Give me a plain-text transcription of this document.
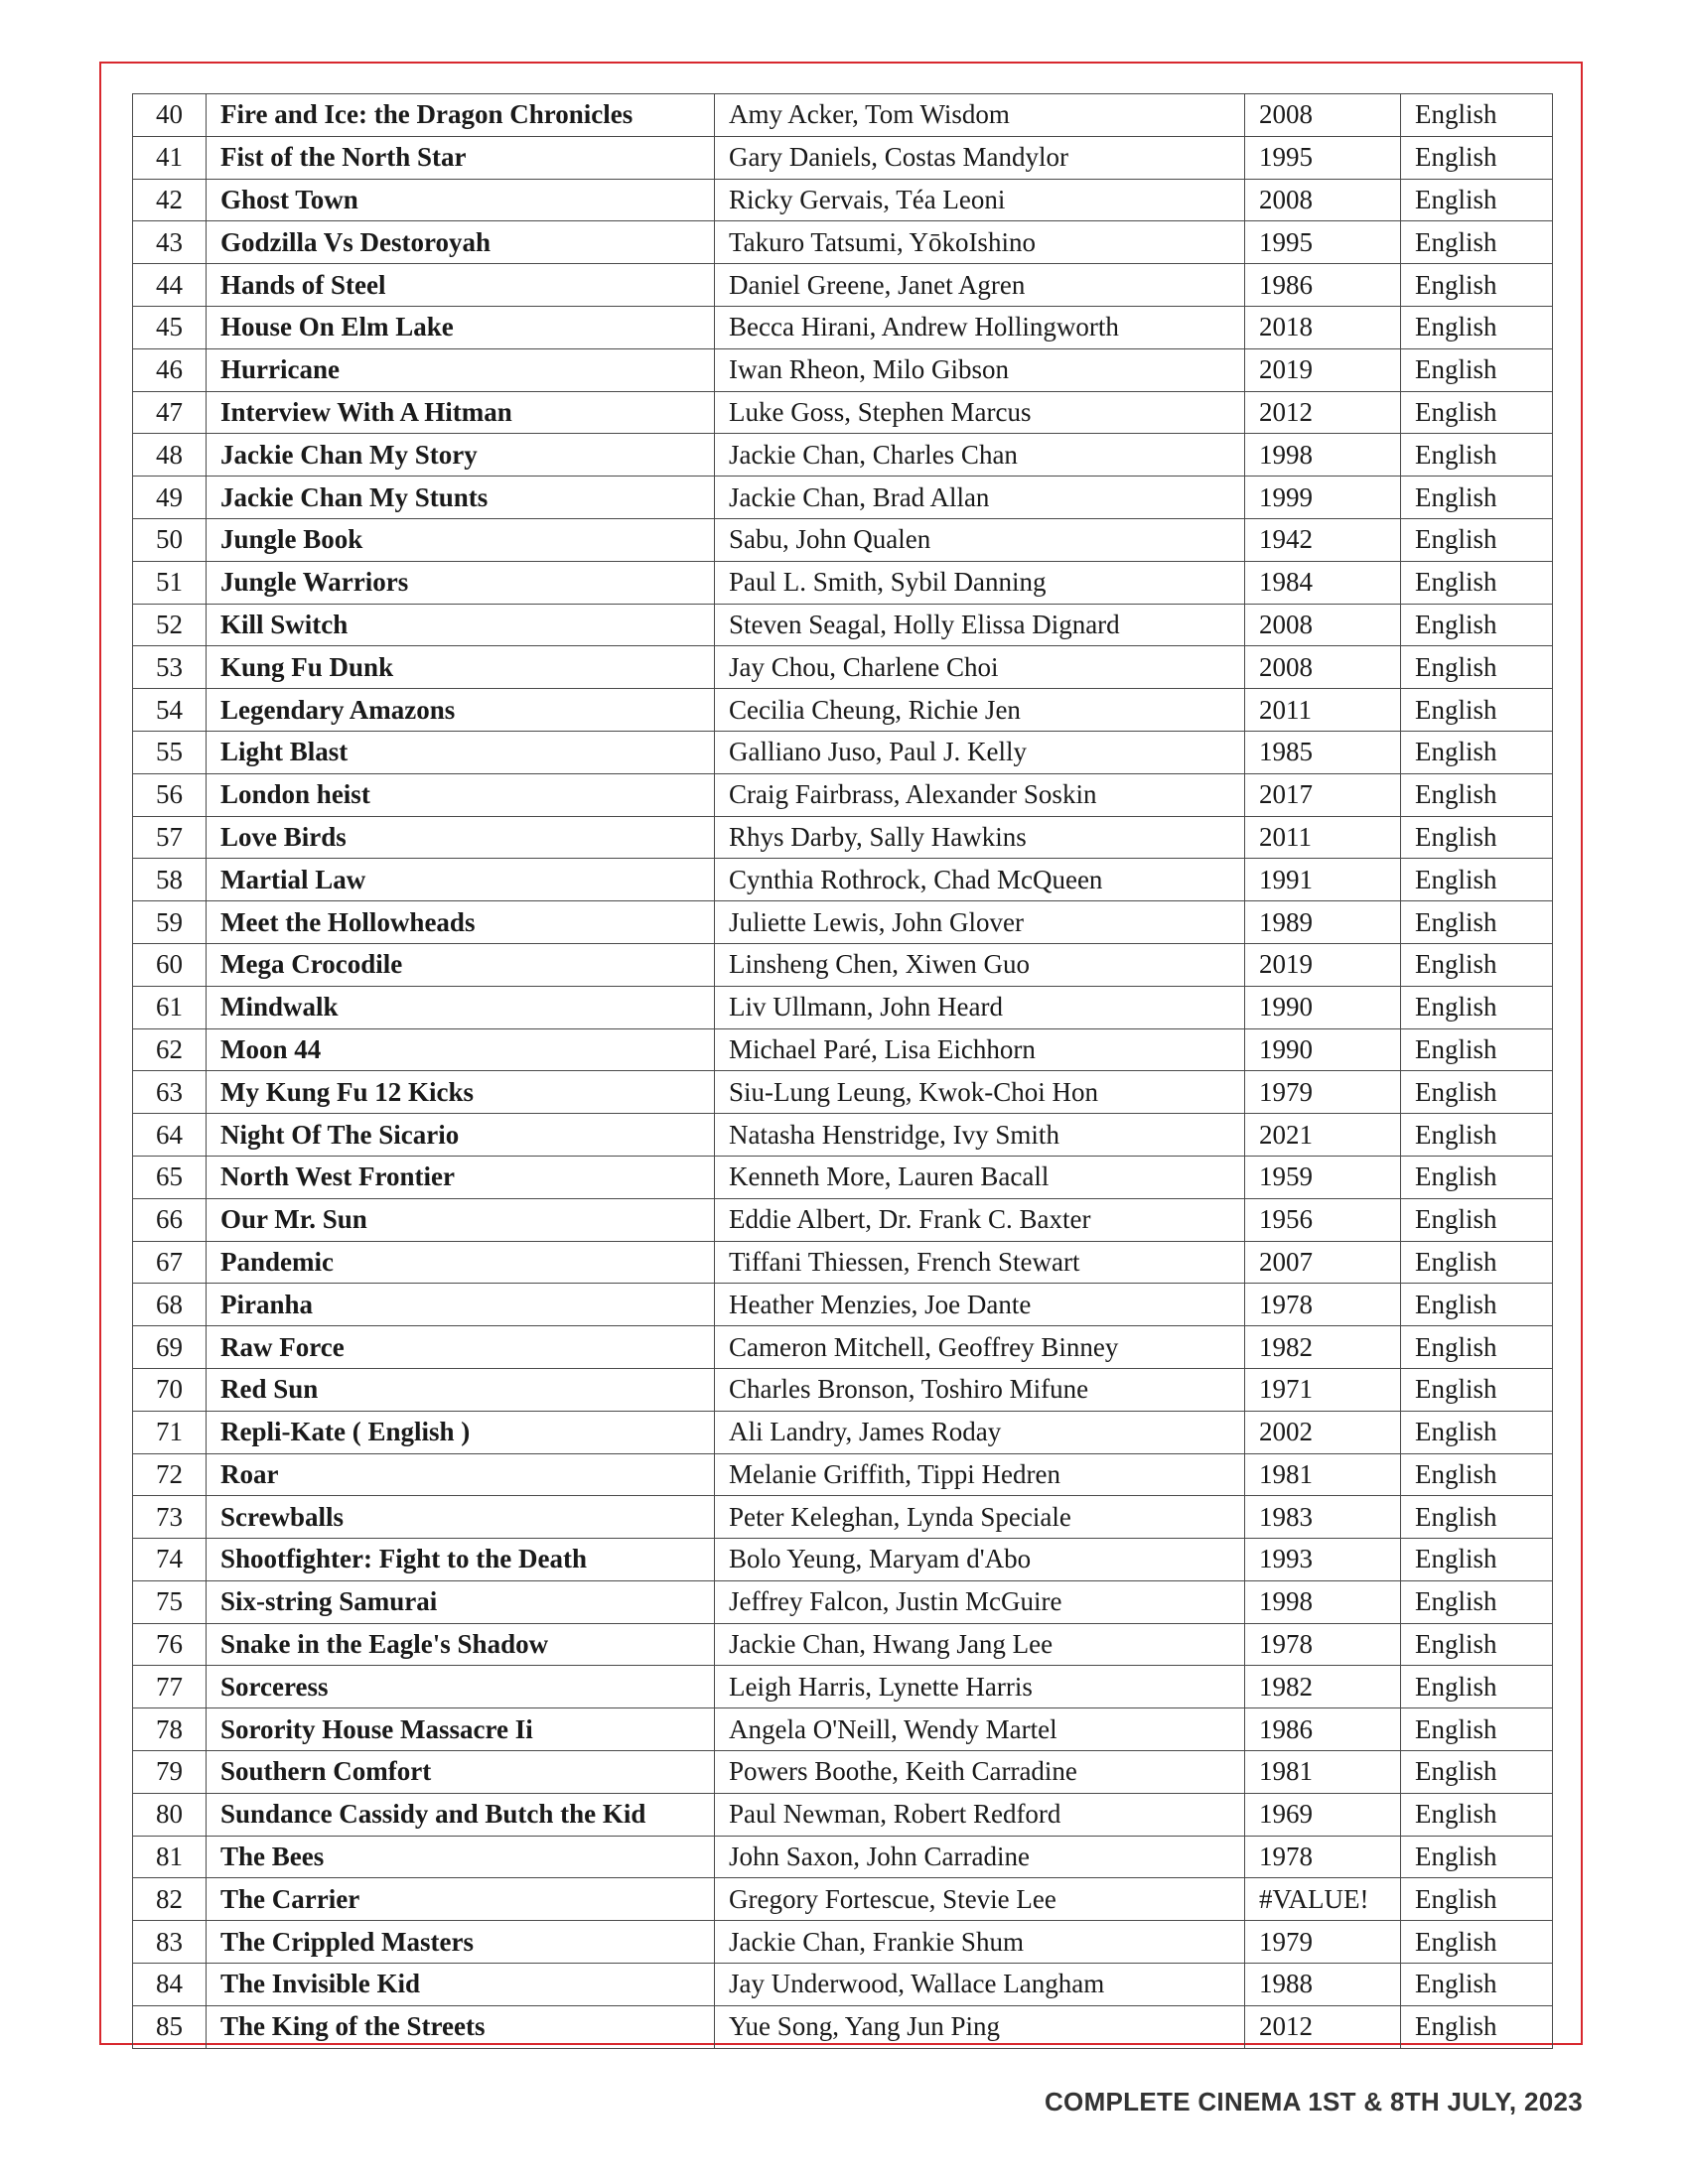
40	Fire and Ice: the Dragon Chronicles	Amy Acker, Tom Wisdom	2008	English
41	Fist of the North Star	Gary Daniels, Costas Mandylor	1995	English
42	Ghost Town	Ricky Gervais, Téa Leoni	2008	English
43	Godzilla Vs Destoroyah	Takuro Tatsumi, YōkoIshino	1995	English
44	Hands of Steel	Daniel Greene, Janet Agren	1986	English
45	House On Elm Lake	Becca Hirani, Andrew Hollingworth	2018	English
46	Hurricane	Iwan Rheon, Milo Gibson	2019	English
47	Interview With A Hitman	Luke Goss, Stephen Marcus	2012	English
48	Jackie Chan My Story	Jackie Chan, Charles Chan	1998	English
49	Jackie Chan My Stunts	Jackie Chan, Brad Allan	1999	English
50	Jungle Book	Sabu, John Qualen	1942	English
51	Jungle Warriors	Paul L. Smith, Sybil Danning	1984	English
52	Kill Switch	Steven Seagal, Holly Elissa Dignard	2008	English
53	Kung Fu Dunk	Jay Chou, Charlene Choi	2008	English
54	Legendary Amazons	Cecilia Cheung, Richie Jen	2011	English
55	Light Blast	Galliano Juso, Paul J. Kelly	1985	English
56	London heist	Craig Fairbrass, Alexander Soskin	2017	English
57	Love Birds	Rhys Darby, Sally Hawkins	2011	English
58	Martial Law	Cynthia Rothrock, Chad McQueen	1991	English
59	Meet the Hollowheads	Juliette Lewis, John Glover	1989	English
60	Mega Crocodile	Linsheng Chen, Xiwen Guo	2019	English
61	Mindwalk	Liv Ullmann, John Heard	1990	English
62	Moon 44	Michael Paré, Lisa Eichhorn	1990	English
63	My Kung Fu 12 Kicks	Siu-Lung Leung, Kwok-Choi Hon	1979	English
64	Night Of The Sicario	Natasha Henstridge, Ivy Smith	2021	English
65	North West Frontier	Kenneth More, Lauren Bacall	1959	English
66	Our Mr. Sun	Eddie Albert, Dr. Frank C. Baxter	1956	English
67	Pandemic	Tiffani Thiessen, French Stewart	2007	English
68	Piranha	Heather Menzies, Joe Dante	1978	English
69	Raw Force	Cameron Mitchell, Geoffrey Binney	1982	English
70	Red Sun	Charles Bronson, Toshiro Mifune	1971	English
71	Repli-Kate ( English )	Ali Landry, James Roday	2002	English
72	Roar	Melanie Griffith, Tippi Hedren	1981	English
73	Screwballs	Peter Keleghan, Lynda Speciale	1983	English
74	Shootfighter: Fight to the Death	Bolo Yeung, Maryam d'Abo	1993	English
75	Six-string Samurai	Jeffrey Falcon, Justin McGuire	1998	English
76	Snake in the Eagle's Shadow	Jackie Chan, Hwang Jang Lee	1978	English
77	Sorceress	Leigh Harris, Lynette Harris	1982	English
78	Sorority House Massacre Ii	Angela O'Neill, Wendy Martel	1986	English
79	Southern Comfort	Powers Boothe, Keith Carradine	1981	English
80	Sundance Cassidy and Butch the Kid	Paul Newman, Robert Redford	1969	English
81	The Bees	John Saxon, John Carradine	1978	English
82	The Carrier	Gregory Fortescue, Stevie Lee	#VALUE!	English
83	The Crippled Masters	Jackie Chan, Frankie Shum	1979	English
84	The Invisible Kid	Jay Underwood, Wallace Langham	1988	English
85	The King of the Streets	Yue Song, Yang Jun Ping	2012	English
COMPLETE CINEMA 1ST & 8TH JULY, 2023
